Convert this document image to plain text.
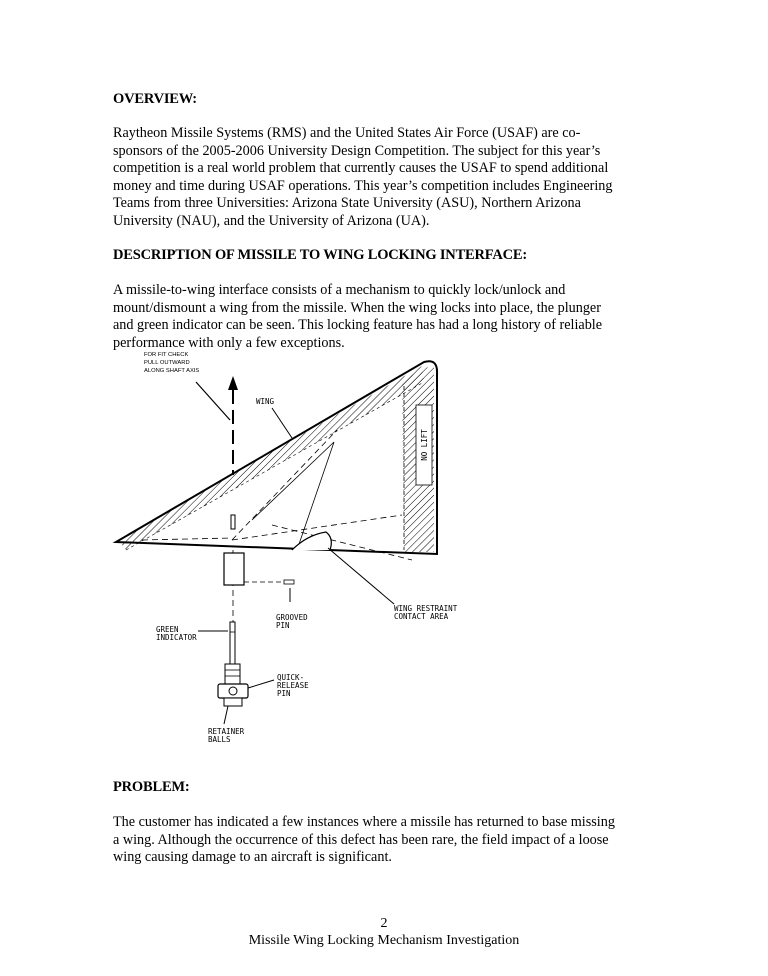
OVERVIEW:
Raytheon Missile Systems (RMS) and the United States Air Force (USAF) are co-
sponsors of the 2005-2006 University Design Competition. The subject for this year’s
competition is a real world problem that currently causes the USAF to spend additional
money and time during USAF operations. This year’s competition includes Engineering
Teams from three Universities: Arizona State University (ASU), Northern Arizona
University (NAU), and the University of Arizona (UA).
DESCRIPTION OF MISSILE TO WING LOCKING INTERFACE:
A missile-to-wing interface consists of a mechanism to quickly lock/unlock and
mount/dismount a wing from the missile. When the wing locks into place, the plunger
and green indicator can be seen. This locking feature has had a long history of reliable
performance with only a few exceptions.
NO LIFT
FOR FIT CHECK
PULL OUTWARD
ALONG SHAFT AXIS
WING
GROOVED
PIN
WING RESTRAINT
CONTACT AREA
GREEN
INDICATOR
QUICK-
RELEASE
PIN
RETAINER
BALLS
PROBLEM:
The customer has indicated a few instances where a missile has returned to base missing
a wing. Although the occurrence of this defect has been rare, the field impact of a loose
wing causing damage to an aircraft is significant.
2
Missile Wing Locking Mechanism Investigation
